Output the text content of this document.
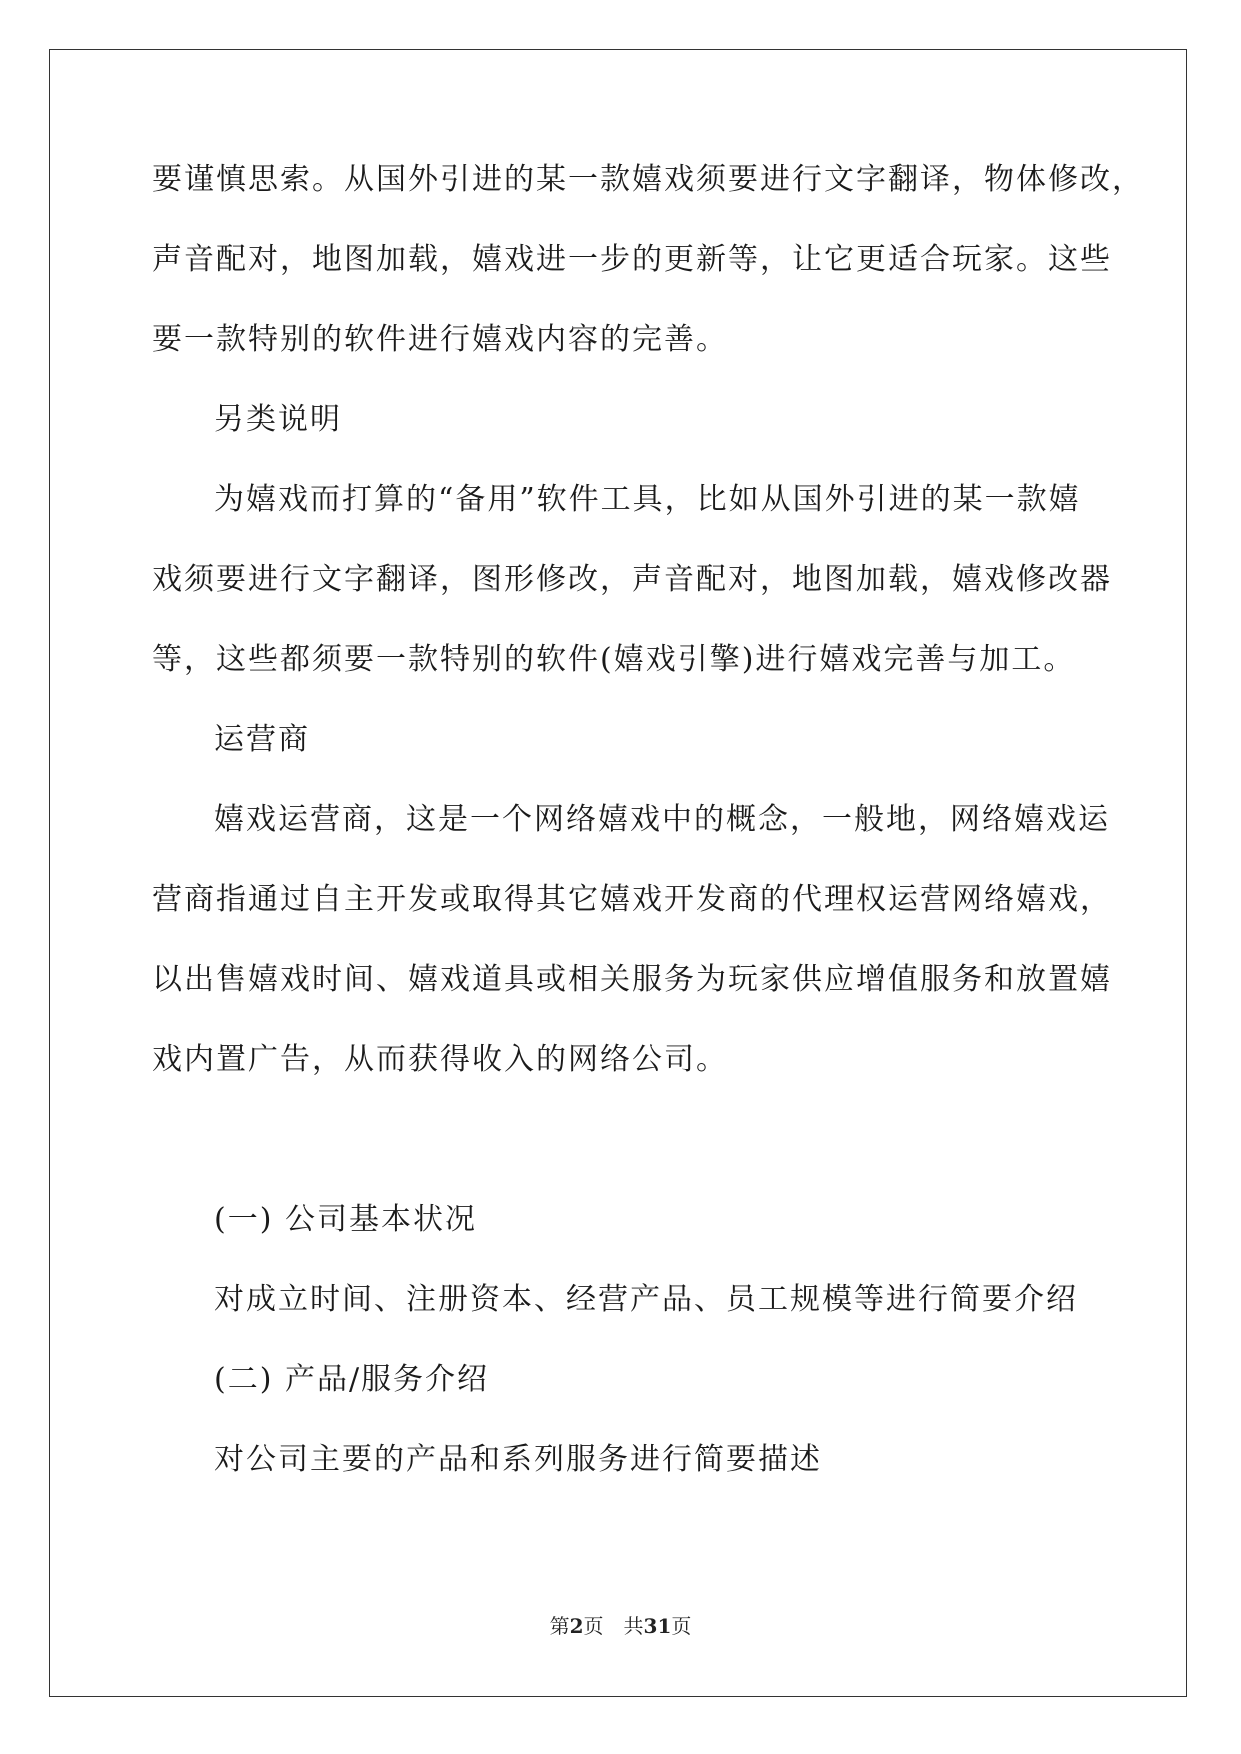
要谨慎思索。从国外引进的某一款嬉戏须要进行文字翻译，物体修改，
声音配对，地图加载，嬉戏进一步的更新等，让它更适合玩家。这些
要一款特别的软件进行嬉戏内容的完善。
另类说明
为嬉戏而打算的“备用”软件工具，比如从国外引进的某一款嬉
戏须要进行文字翻译，图形修改，声音配对，地图加载，嬉戏修改器
等，这些都须要一款特别的软件(嬉戏引擎)进行嬉戏完善与加工。
运营商
嬉戏运营商，这是一个网络嬉戏中的概念，一般地，网络嬉戏运
营商指通过自主开发或取得其它嬉戏开发商的代理权运营网络嬉戏，
以出售嬉戏时间、嬉戏道具或相关服务为玩家供应增值服务和放置嬉
戏内置广告，从而获得收入的网络公司。
(一) 公司基本状况
对成立时间、注册资本、经营产品、员工规模等进行简要介绍
(二) 产品/服务介绍
对公司主要的产品和系列服务进行简要描述
第2页 共31页
